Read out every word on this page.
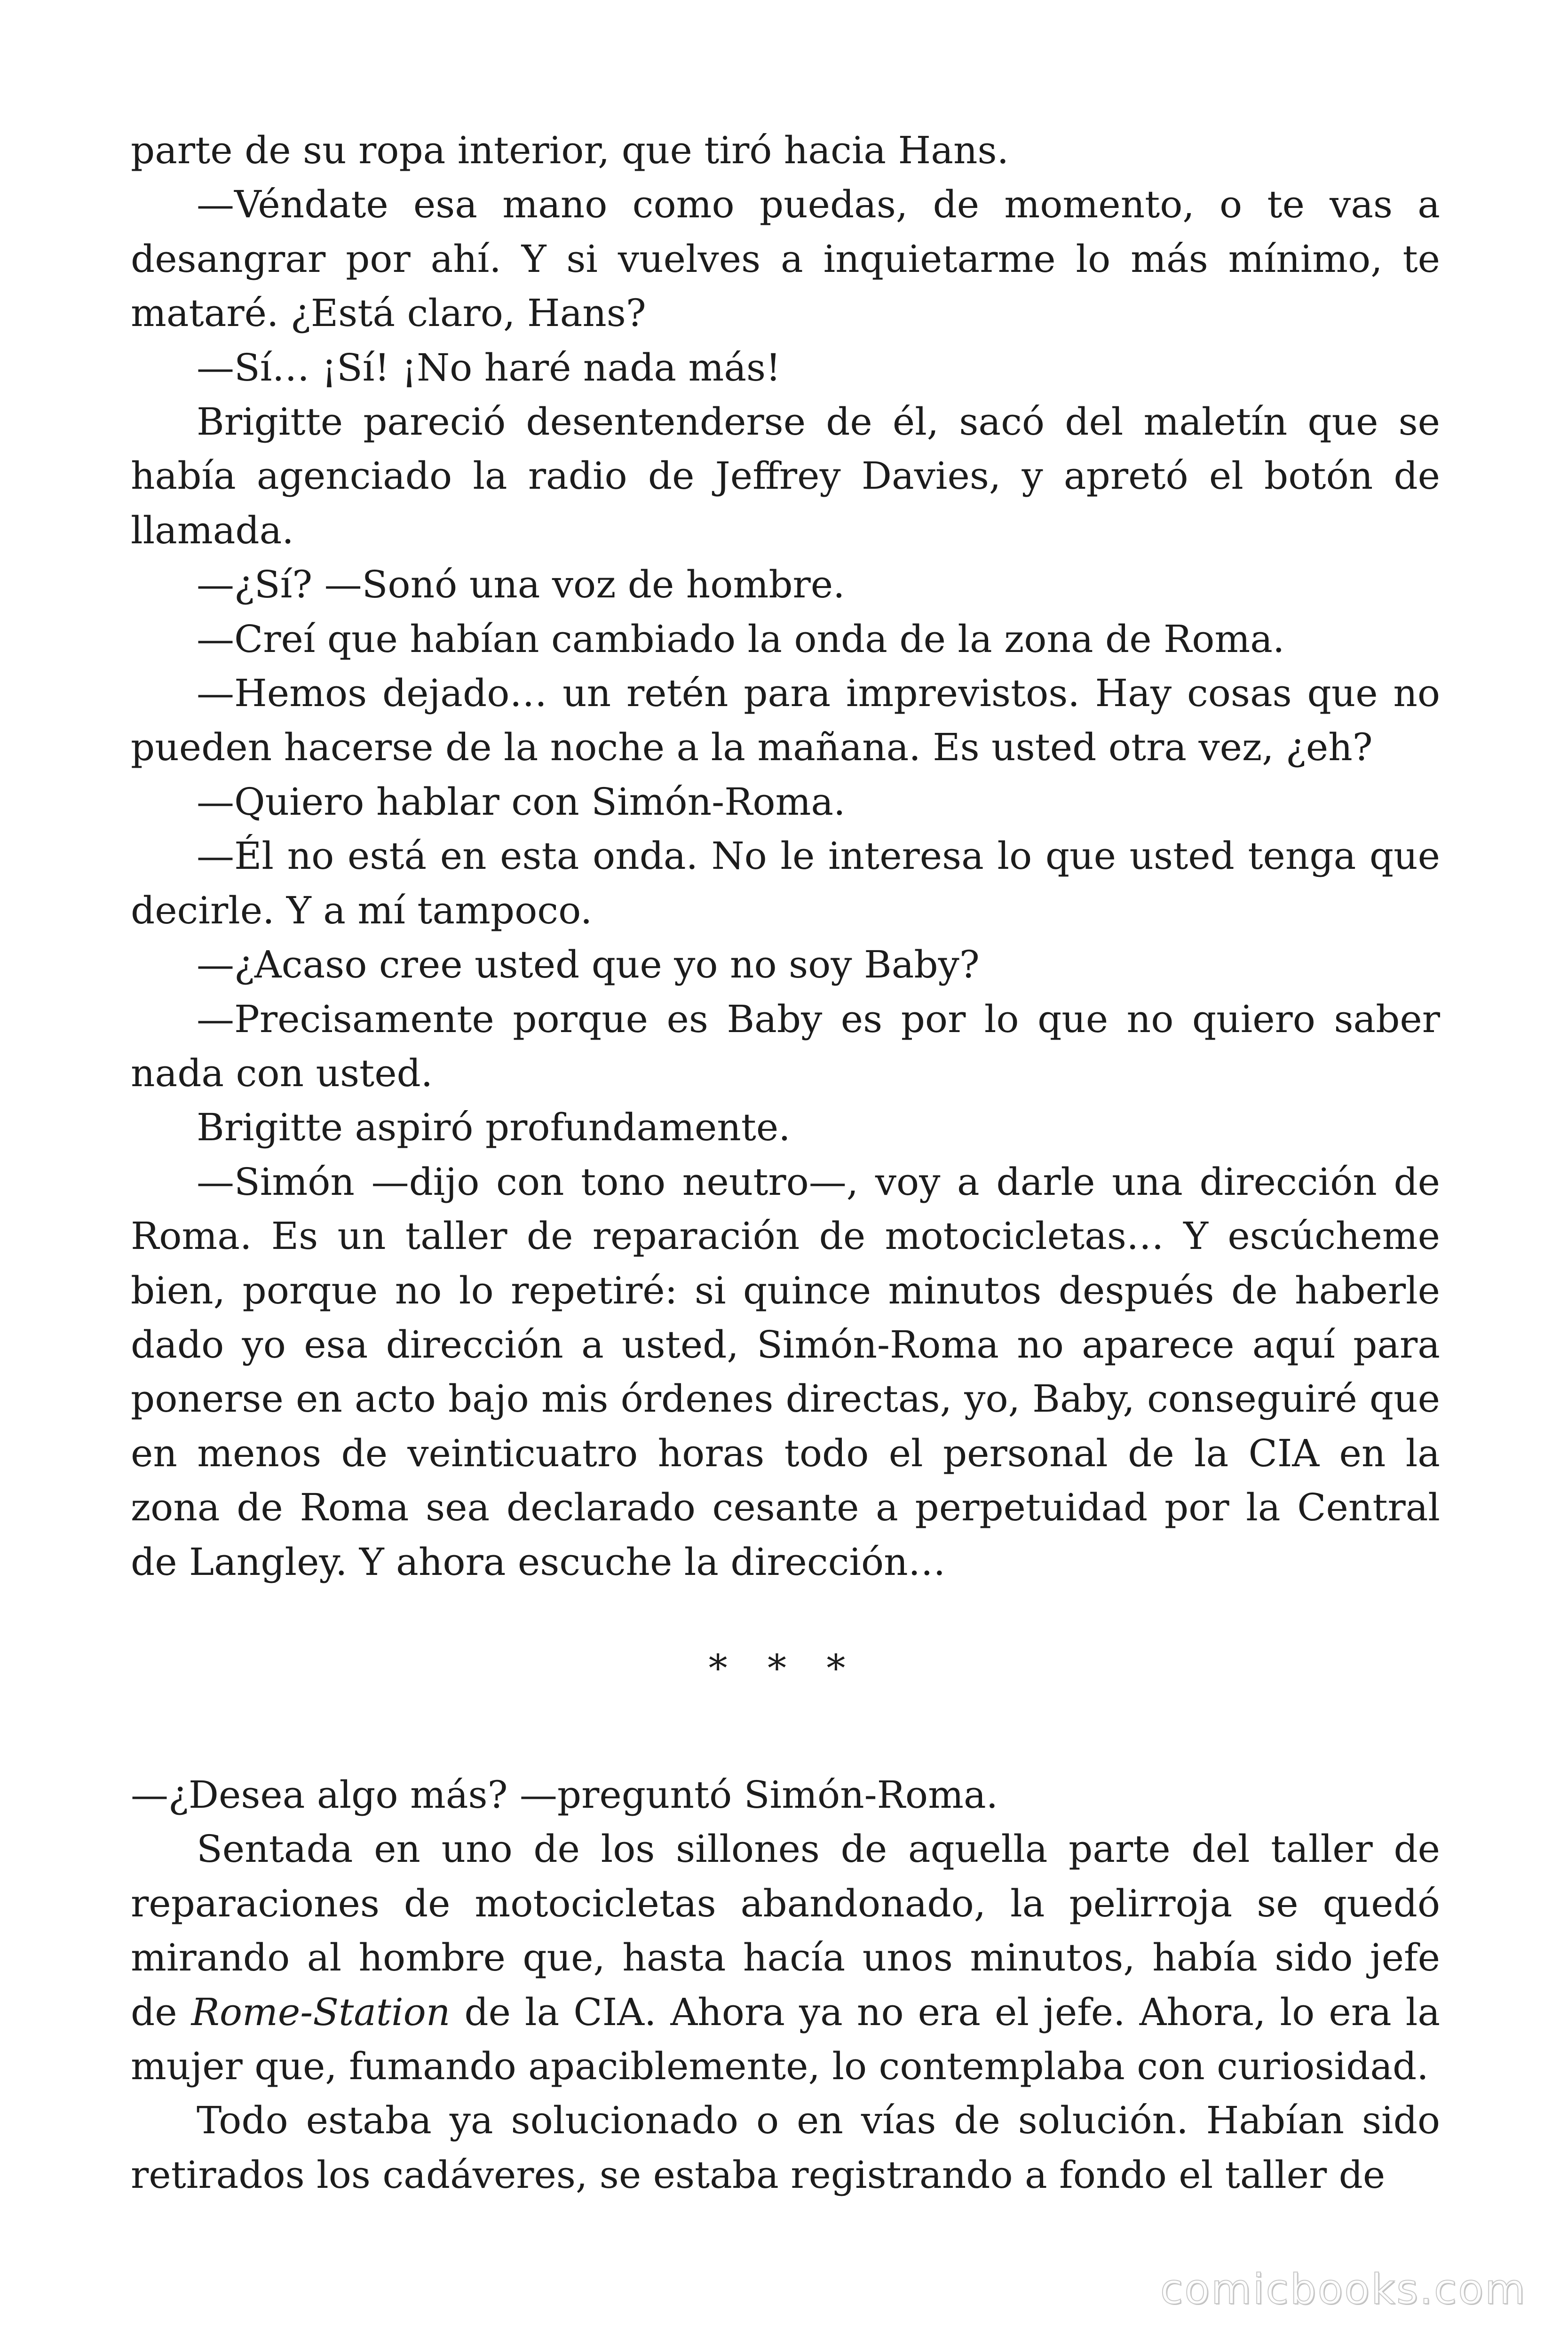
parte de su ropa interior, que tiró hacia Hans.

—Véndate esa mano como puedas, de momento, o te vas a desangrar por ahí. Y si vuelves a inquietarme lo más mínimo, te mataré. ¿Está claro, Hans?

—Sí… ¡Sí! ¡No haré nada más!

Brigitte pareció desentenderse de él, sacó del maletín que se había agenciado la radio de Jeffrey Davies, y apretó el botón de llamada.

—¿Sí? —Sonó una voz de hombre.

—Creí que habían cambiado la onda de la zona de Roma.

—Hemos dejado… un retén para imprevistos. Hay cosas que no pueden hacerse de la noche a la mañana. Es usted otra vez, ¿eh?

—Quiero hablar con Simón-Roma.

—Él no está en esta onda. No le interesa lo que usted tenga que decirle. Y a mí tampoco.

—¿Acaso cree usted que yo no soy Baby?

—Precisamente porque es Baby es por lo que no quiero saber nada con usted.

Brigitte aspiró profundamente.

—Simón —dijo con tono neutro—, voy a darle una dirección de Roma. Es un taller de reparación de motocicletas… Y escúcheme bien, porque no lo repetiré: si quince minutos después de haberle dado yo esa dirección a usted, Simón-Roma no aparece aquí para ponerse en acto bajo mis órdenes directas, yo, Baby, conseguiré que en menos de veinticuatro horas todo el personal de la CIA en la zona de Roma sea declarado cesante a perpetuidad por la Central de Langley. Y ahora escuche la dirección…

* * *

—¿Desea algo más? —preguntó Simón-Roma.

Sentada en uno de los sillones de aquella parte del taller de reparaciones de motocicletas abandonado, la pelirroja se quedó mirando al hombre que, hasta hacía unos minutos, había sido jefe de Rome-Station de la CIA. Ahora ya no era el jefe. Ahora, lo era la mujer que, fumando apaciblemente, lo contemplaba con curiosidad.

Todo estaba ya solucionado o en vías de solución. Habían sido retirados los cadáveres, se estaba registrando a fondo el taller de

comicbooks.com
